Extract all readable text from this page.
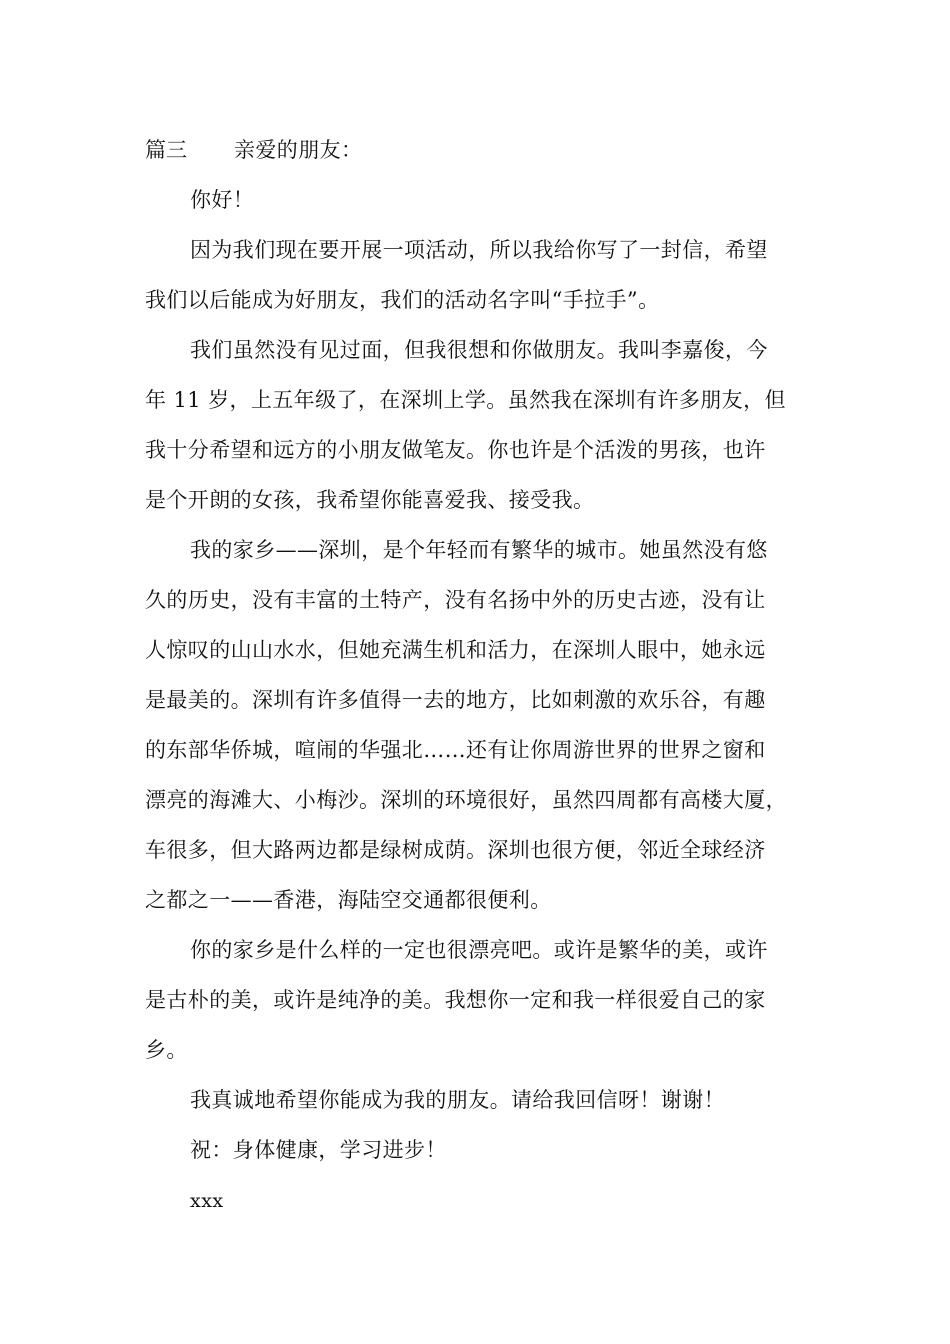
篇三 亲爱的朋友：
你好！
因为我们现在要开展一项活动，所以我给你写了一封信，希望
我们以后能成为好朋友，我们的活动名字叫“手拉手”。
我们虽然没有见过面，但我很想和你做朋友。我叫李嘉俊，今
年 11 岁，上五年级了，在深圳上学。虽然我在深圳有许多朋友，但
我十分希望和远方的小朋友做笔友。你也许是个活泼的男孩，也许
是个开朗的女孩，我希望你能喜爱我、接受我。
我的家乡——深圳，是个年轻而有繁华的城市。她虽然没有悠
久的历史，没有丰富的土特产，没有名扬中外的历史古迹，没有让
人惊叹的山山水水，但她充满生机和活力，在深圳人眼中，她永远
是最美的。深圳有许多值得一去的地方，比如刺激的欢乐谷，有趣
的东部华侨城，喧闹的华强北……还有让你周游世界的世界之窗和
漂亮的海滩大、小梅沙。深圳的环境很好，虽然四周都有高楼大厦，
车很多，但大路两边都是绿树成荫。深圳也很方便，邻近全球经济
之都之一——香港，海陆空交通都很便利。
你的家乡是什么样的一定也很漂亮吧。或许是繁华的美，或许
是古朴的美，或许是纯净的美。我想你一定和我一样很爱自己的家
乡。
我真诚地希望你能成为我的朋友。请给我回信呀！谢谢！
祝：身体健康，学习进步！
xxx
